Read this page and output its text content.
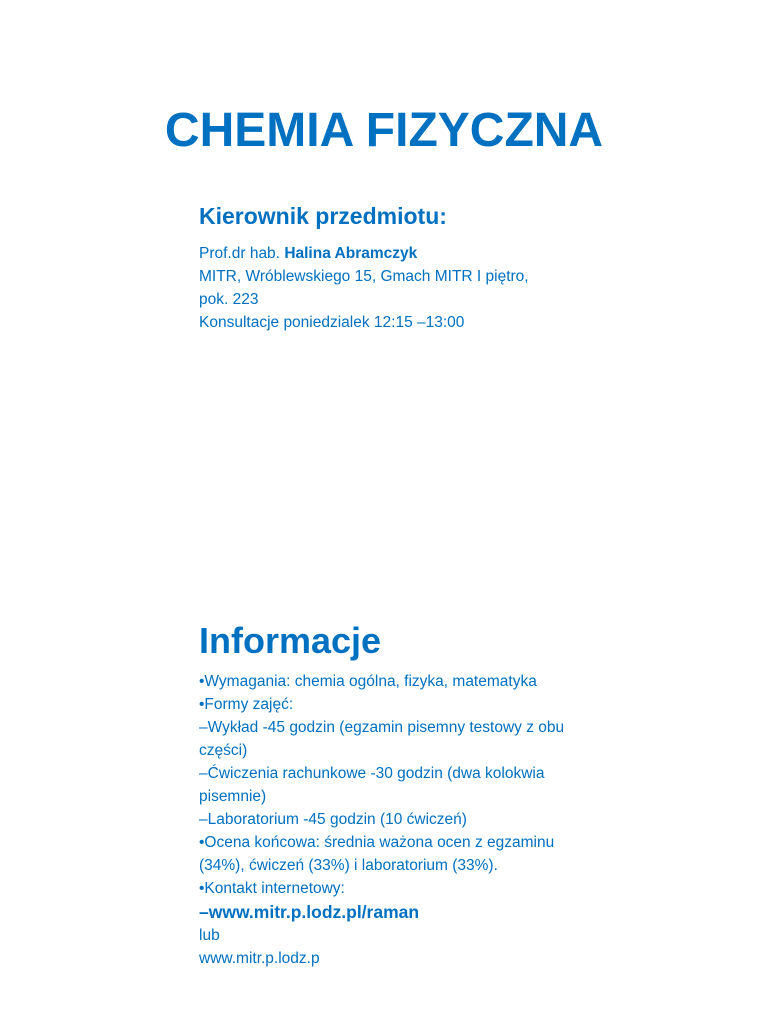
CHEMIA FIZYCZNA
Kierownik przedmiotu:

Prof.dr hab. Halina Abramczyk

MITR, Wróblewskiego 15, Gmach MITR I piętro,

pok. 223

Konsultacje poniedzialek 12:15 –13:00

Informacje

•Wymagania: chemia ogólna, fizyka, matematyka

•Formy zajęć:

–Wykład -45 godzin (egzamin pisemny testowy z obu części)

–Ćwiczenia rachunkowe -30 godzin (dwa kolokwia pisemnie)

–Laboratorium -45 godzin (10 ćwiczeń)

•Ocena końcowa: średnia ważona ocen z egzaminu (34%), ćwiczeń (33%) i laboratorium (33%).

•Kontakt internetowy:

–www.mitr.p.lodz.pl/raman

lub

www.mitr.p.lodz.p
